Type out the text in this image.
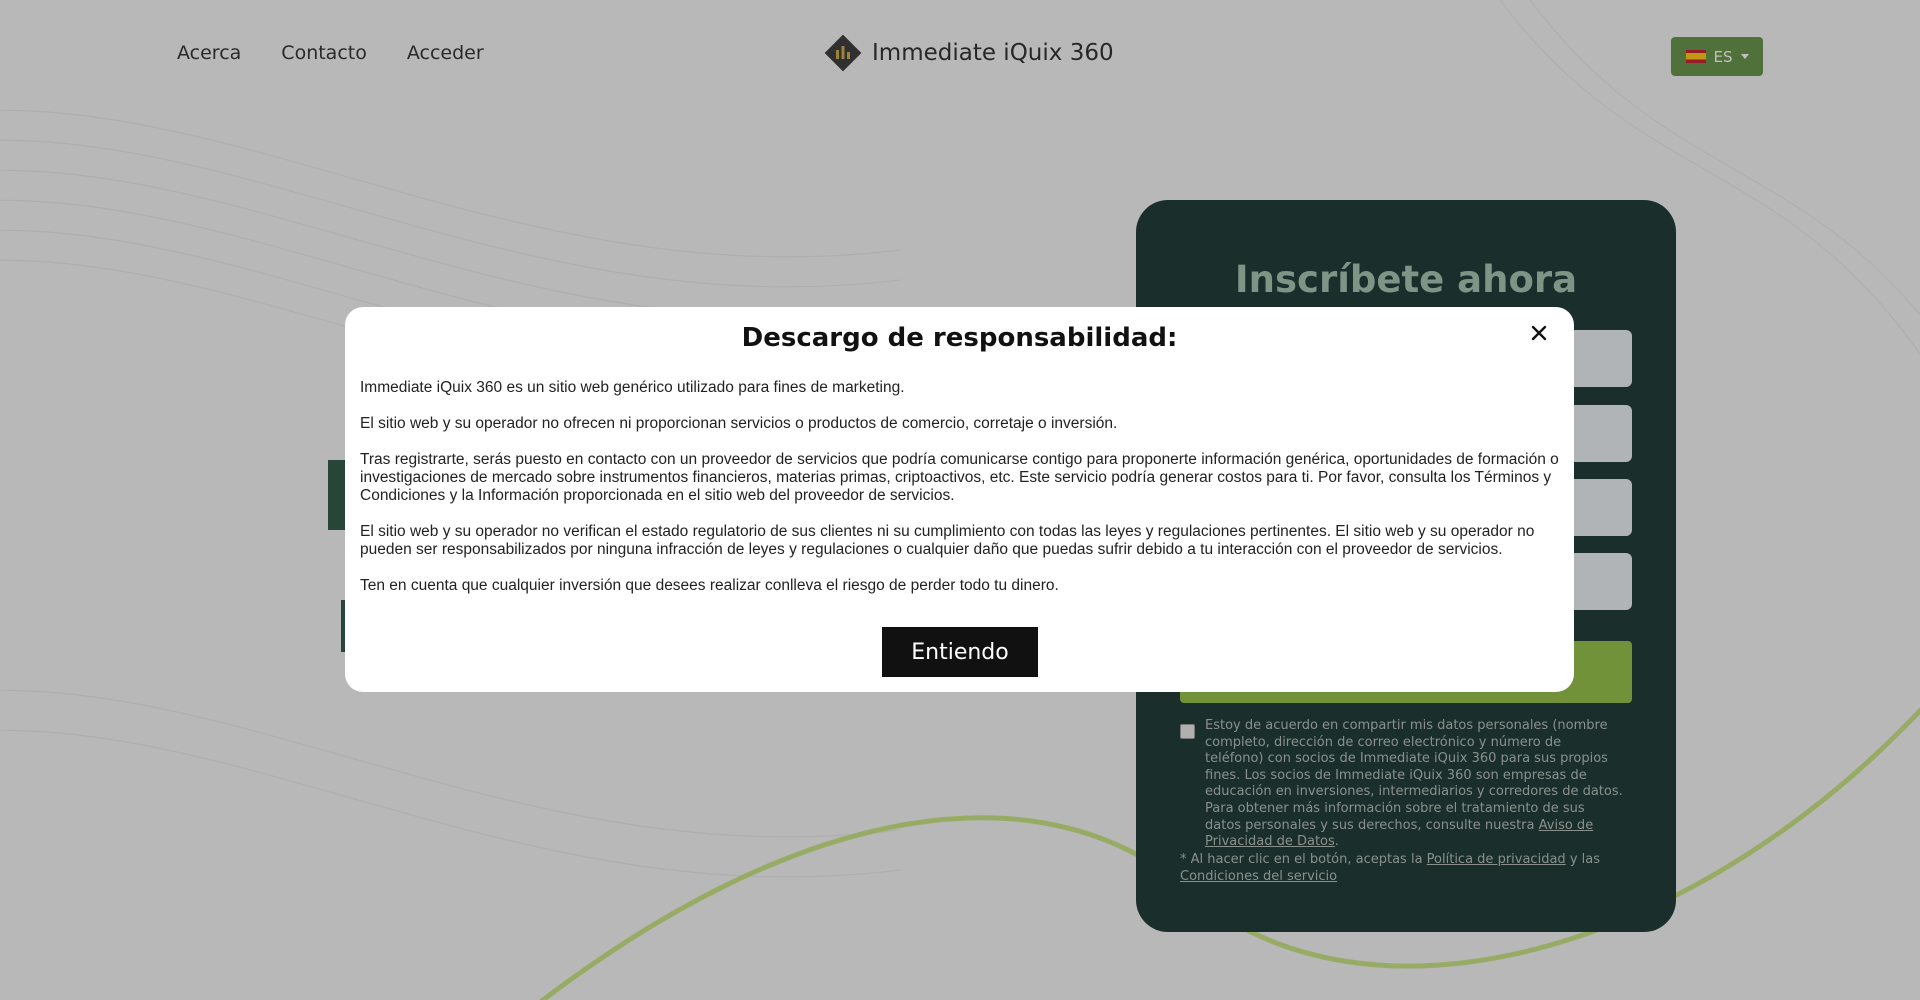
Acerca Contacto Acceder	Immediate iQuix 360	ES
Inscríbete ahora
Estoy de acuerdo en compartir mis datos personales (nombre completo, dirección de correo electrónico y número de teléfono) con socios de Immediate iQuix 360 para sus propios fines. Los socios de Immediate iQuix 360 son empresas de educación en inversiones, intermediarios y corredores de datos. Para obtener más información sobre el tratamiento de sus datos personales y sus derechos, consulte nuestra Aviso de Privacidad de Datos.
* Al hacer clic en el botón, aceptas la Política de privacidad y las Condiciones del servicio
Descargo de responsabilidad:

Immediate iQuix 360 es un sitio web genérico utilizado para fines de marketing.

El sitio web y su operador no ofrecen ni proporcionan servicios o productos de comercio, corretaje o inversión.

Tras registrarte, serás puesto en contacto con un proveedor de servicios que podría comunicarse contigo para proponerte información genérica, oportunidades de formación o investigaciones de mercado sobre instrumentos financieros, materias primas, criptoactivos, etc. Este servicio podría generar costos para ti. Por favor, consulta los Términos y Condiciones y la Información proporcionada en el sitio web del proveedor de servicios.

El sitio web y su operador no verifican el estado regulatorio de sus clientes ni su cumplimiento con todas las leyes y regulaciones pertinentes. El sitio web y su operador no pueden ser responsabilizados por ninguna infracción de leyes y regulaciones o cualquier daño que puedas sufrir debido a tu interacción con el proveedor de servicios.

Ten en cuenta que cualquier inversión que desees realizar conlleva el riesgo de perder todo tu dinero.

Entiendo
